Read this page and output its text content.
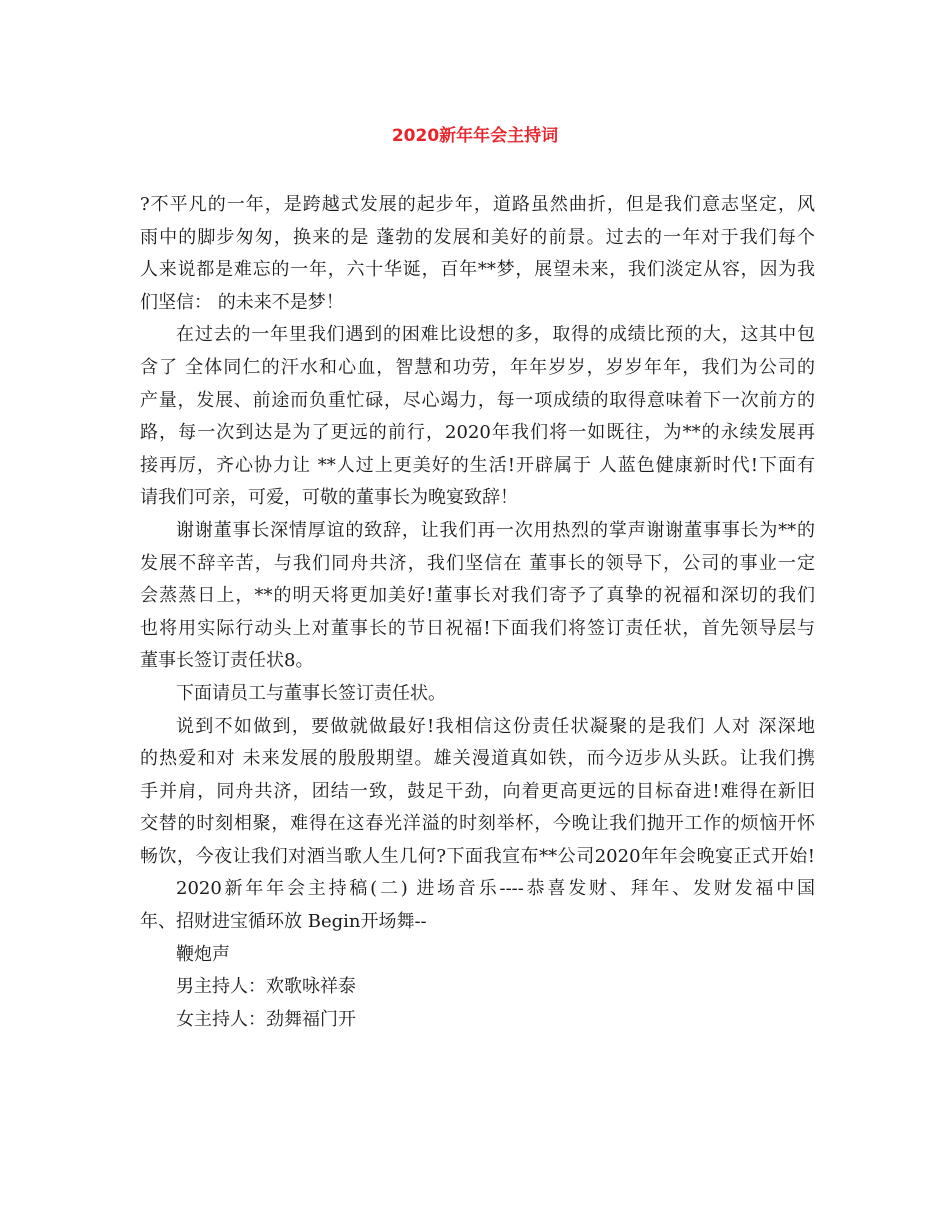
2020新年年会主持词
?不平凡的一年，是跨越式发展的起步年，道路虽然曲折，但是我们意志坚定，风
雨中的脚步匆匆，换来的是 蓬勃的发展和美好的前景。过去的一年对于我们每个
人来说都是难忘的一年，六十华诞，百年**梦，展望未来，我们淡定从容，因为我
们坚信： 的未来不是梦！
在过去的一年里我们遇到的困难比设想的多，取得的成绩比预的大，这其中包
含了 全体同仁的汗水和心血，智慧和功劳，年年岁岁，岁岁年年，我们为公司的
产量，发展、前途而负重忙碌，尽心竭力，每一项成绩的取得意味着下一次前方的
路，每一次到达是为了更远的前行，2020年我们将一如既往，为**的永续发展再
接再厉，齐心协力让 **人过上更美好的生活!开辟属于 人蓝色健康新时代!下面有
请我们可亲，可爱，可敬的董事长为晚宴致辞！
谢谢董事长深情厚谊的致辞，让我们再一次用热烈的掌声谢谢董事事长为**的
发展不辞辛苦，与我们同舟共济，我们坚信在 董事长的领导下，公司的事业一定
会蒸蒸日上，**的明天将更加美好!董事长对我们寄予了真挚的祝福和深切的我们
也将用实际行动头上对董事长的节日祝福!下面我们将签订责任状，首先领导层与
董事长签订责任状8。
下面请员工与董事长签订责任状。
说到不如做到，要做就做最好!我相信这份责任状凝聚的是我们 人对 深深地
的热爱和对 未来发展的殷殷期望。雄关漫道真如铁，而今迈步从头跃。让我们携
手并肩，同舟共济，团结一致，鼓足干劲，向着更高更远的目标奋进!难得在新旧
交替的时刻相聚，难得在这春光洋溢的时刻举杯，今晚让我们抛开工作的烦恼开怀
畅饮，今夜让我们对酒当歌人生几何?下面我宣布**公司2020年年会晚宴正式开始!
2020新年年会主持稿(二) 进场音乐----恭喜发财、拜年、发财发福中国
年、招财进宝循环放 Begin开场舞--
鞭炮声
男主持人：欢歌咏祥泰
女主持人：劲舞福门开
